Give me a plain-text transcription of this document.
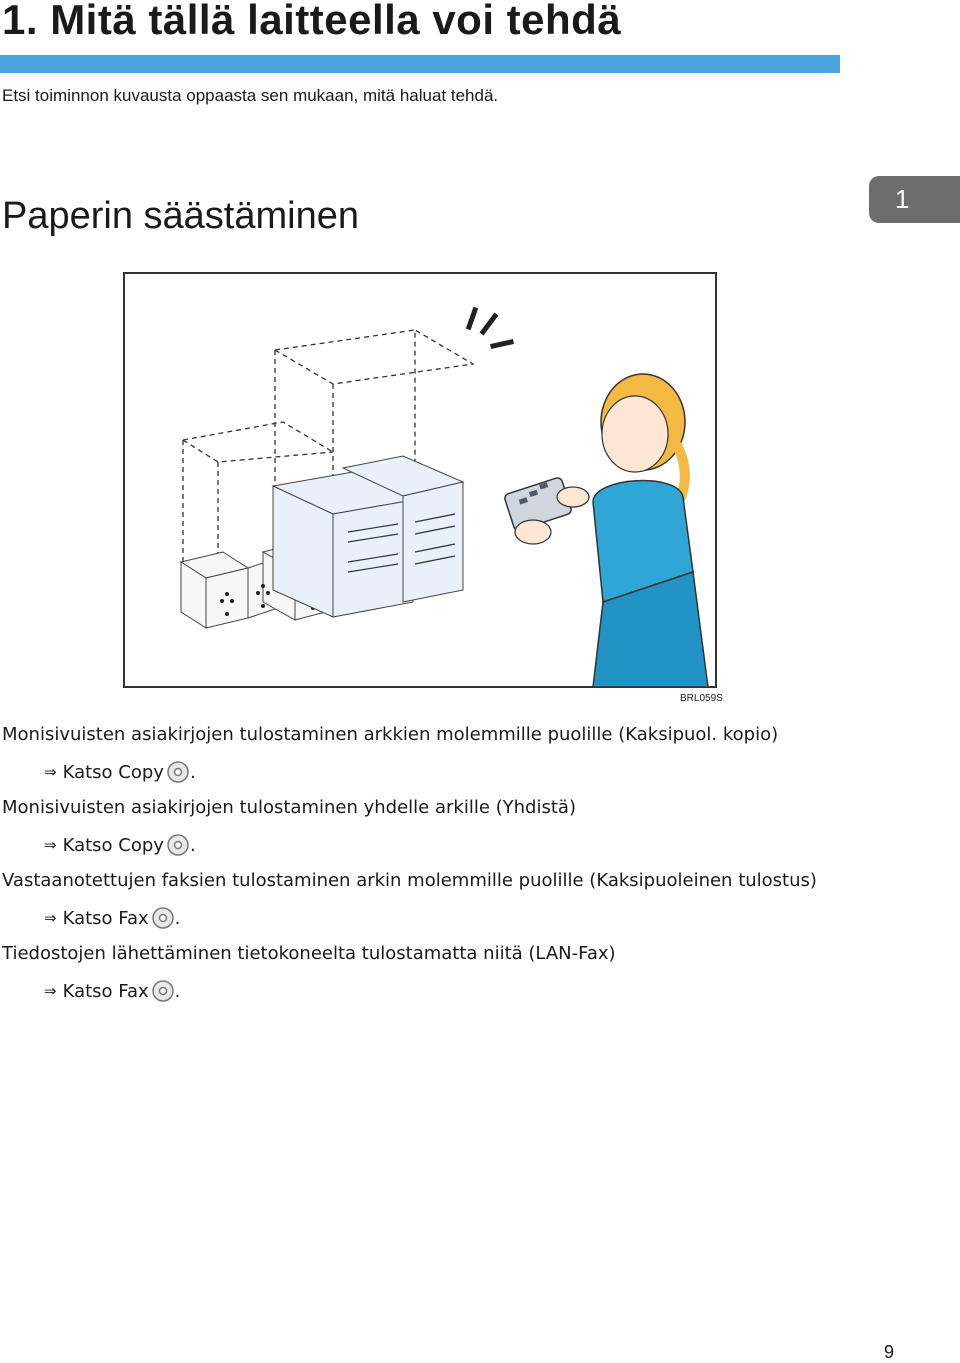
1. Mitä tällä laitteella voi tehdä

Etsi toiminnon kuvausta oppaasta sen mukaan, mitä haluat tehdä.

Paperin säästäminen	1

BRL059S

Monisivuisten asiakirjojen tulostaminen arkkien molemmille puolille (Kaksipuol. kopio)

⇒ Katso Copy .

Monisivuisten asiakirjojen tulostaminen yhdelle arkille (Yhdistä)

⇒ Katso Copy .

Vastaanotettujen faksien tulostaminen arkin molemmille puolille (Kaksipuoleinen tulostus)

⇒ Katso Fax .

Tiedostojen lähettäminen tietokoneelta tulostamatta niitä (LAN-Fax)

⇒ Katso Fax .

9
